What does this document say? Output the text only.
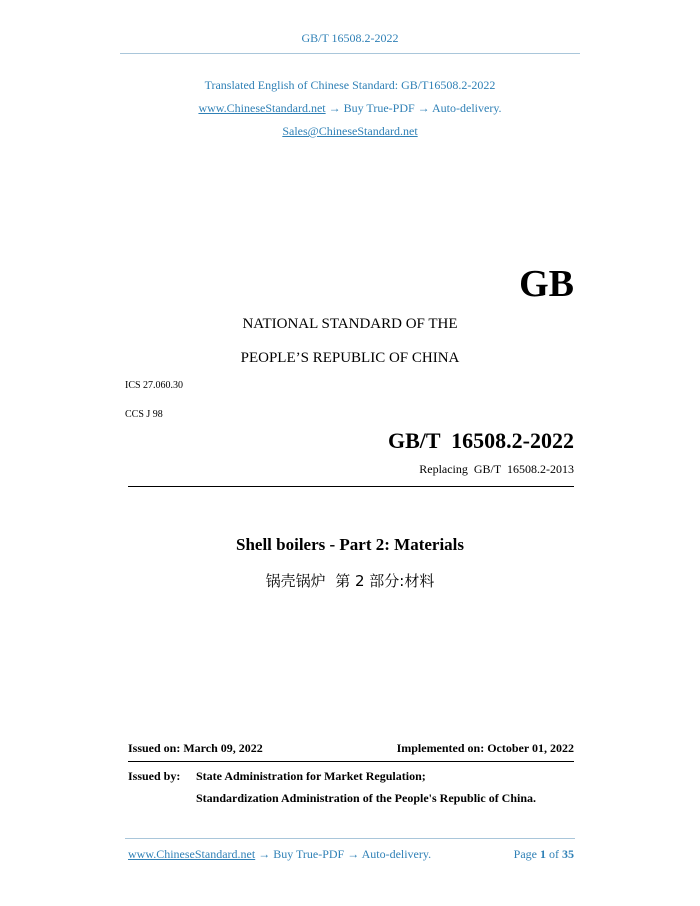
GB/T 16508.2-2022
Translated English of Chinese Standard: GB/T16508.2-2022
www.ChineseStandard.net → Buy True-PDF → Auto-delivery.
Sales@ChineseStandard.net
GB
NATIONAL STANDARD OF THE
PEOPLE’S REPUBLIC OF CHINA
ICS 27.060.30
CCS J 98
GB/T  16508.2-2022
Replacing  GB/T  16508.2-2013
Shell boilers - Part 2: Materials
锅壳锅炉  第 2 部分:材料
Issued on: March 09, 2022	Implemented on: October 01, 2022
Issued by: State Administration for Market Regulation;
Standardization Administration of the People's Republic of China.
www.ChineseStandard.net → Buy True-PDF → Auto-delivery.	Page 1 of 35
